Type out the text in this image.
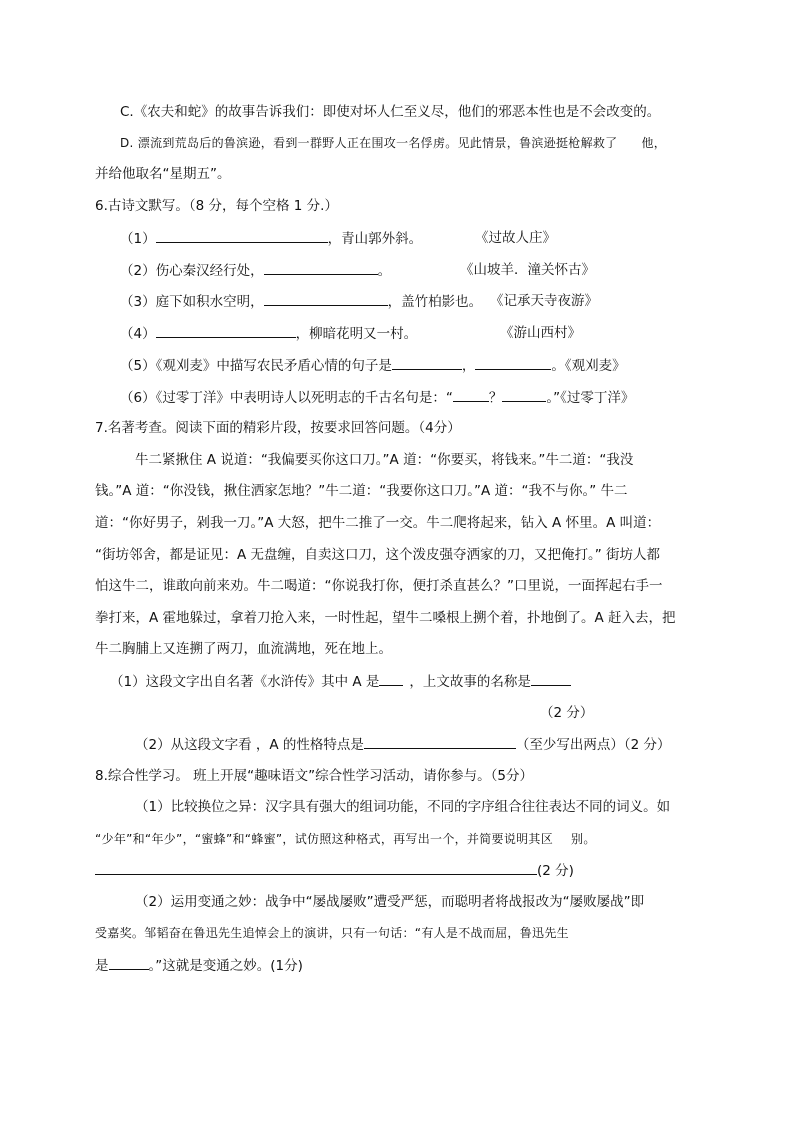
C.《农夫和蛇》的故事告诉我们：即使对坏人仁至义尽，他们的邪恶本性也是不会改变的。
D. 漂流到荒岛后的鲁滨逊，看到一群野人正在围攻一名俘虏。见此情景，鲁滨逊挺枪解救了 他，
并给他取名“星期五”。
6.古诗文默写。（8 分，每个空格 1 分.）
（1）	，青山郭外斜。	《过故人庄》
（2）伤心秦汉经行处，	。	《山坡羊．潼关怀古》
（3）庭下如积水空明，	，盖竹柏影也。 《记承天寺夜游》
（4）	，柳暗花明又一村。	《游山西村》
（5）《观刈麦》中描写农民矛盾心情的句子是	，	。《观刈麦》
（6）《过零丁洋》中表明诗人以死明志的千古名句是：“	？	。”《过零丁洋》
7.名著考查。阅读下面的精彩片段，按要求回答问题。（4分）
牛二紧揪住 A 说道：“我偏要买你这口刀。”A 道：“你要买，将钱来。”牛二道：“我没
钱。”A 道：“你没钱，揪住洒家怎地？”牛二道：“我要你这口刀。”A 道：“我不与你。” 牛二
道：“你好男子，剁我一刀。”A 大怒，把牛二推了一交。牛二爬将起来，钻入 A 怀里。A 叫道：
“街坊邻舍，都是证见：A 无盘缠，自卖这口刀，这个泼皮强夺洒家的刀，又把俺打。” 街坊人都
怕这牛二，谁敢向前来劝。牛二喝道：“你说我打你，便打杀直甚么？”口里说，一面挥起右手一
拳打来，A 霍地躲过，拿着刀抢入来，一时性起，望牛二嗓根上搠个着，扑地倒了。A 赶入去，把
牛二胸脯上又连搠了两刀，血流满地，死在地上。
（1）这段文字出自名著《水浒传》其中 A 是 ，上文故事的名称是
（2 分）
（2）从这段文字看 ，A 的性格特点是	（至少写出两点）（2 分）
8.综合性学习。 班上开展“趣味语文”综合性学习活动，请你参与。（5分）
（1）比较换位之异：汉字具有强大的组词功能，不同的字序组合往往表达不同的词义。如
“少年”和“年少”，“蜜蜂”和“蜂蜜”，试仿照这种格式，再写出一个，并简要说明其区 别。
(2 分)
（2）运用变通之妙：战争中“屡战屡败”遭受严惩，而聪明者将战报改为“屡败屡战”即
受嘉奖。邹韬奋在鲁迅先生追悼会上的演讲，只有一句话：“有人是不战而屈，鲁迅先生
是	。”这就是变通之妙。(1分)
